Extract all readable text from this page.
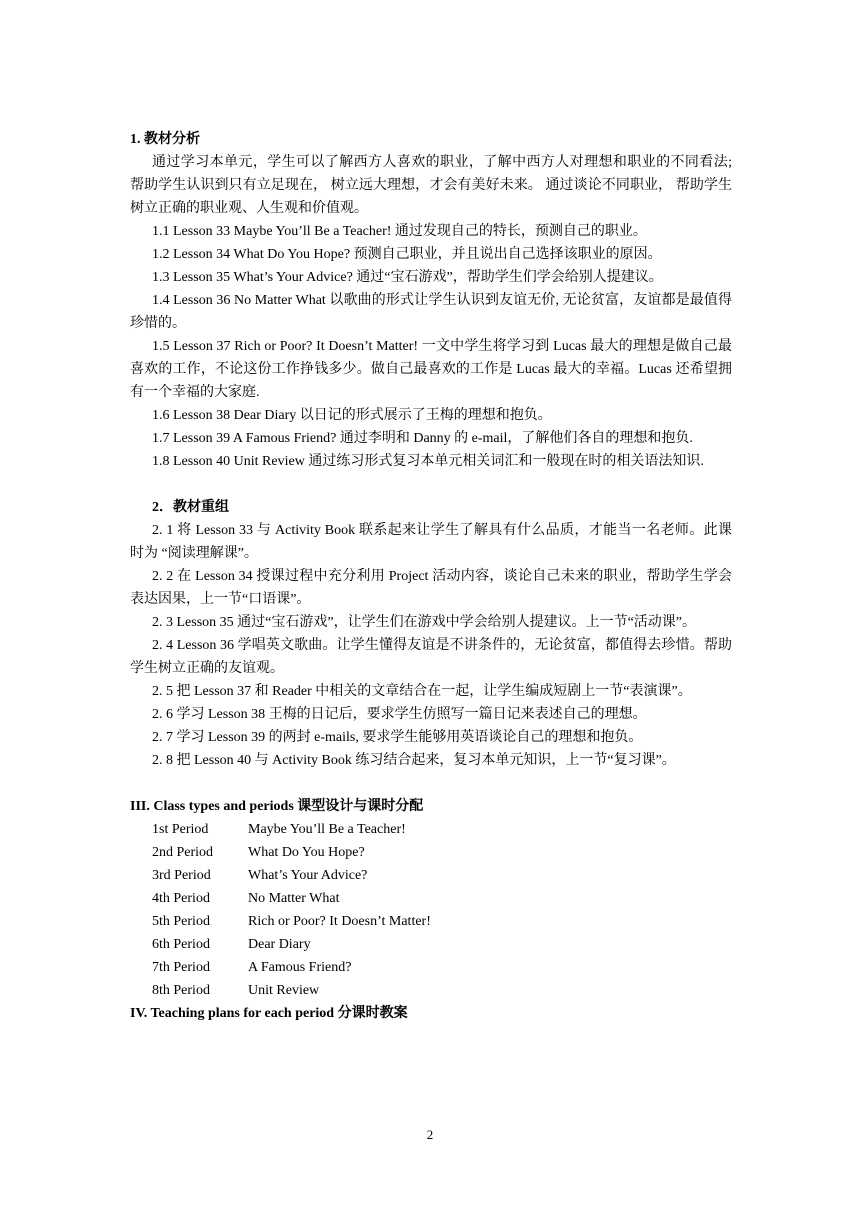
1. 教材分析

通过学习本单元，学生可以了解西方人喜欢的职业，了解中西方人对理想和职业的不同看法; 帮助学生认识到只有立足现在， 树立远大理想，才会有美好未来。 通过谈论不同职业， 帮助学生树立正确的职业观、人生观和价值观。

1.1 Lesson 33 Maybe You’ll Be a Teacher! 通过发现自己的特长，预测自己的职业。

1.2 Lesson 34 What Do You Hope? 预测自己职业，并且说出自己选择该职业的原因。

1.3 Lesson 35 What’s Your Advice? 通过“宝石游戏”，帮助学生们学会给别人提建议。

1.4 Lesson 36 No Matter What 以歌曲的形式让学生认识到友谊无价, 无论贫富，友谊都是最值得珍惜的。

1.5 Lesson 37 Rich or Poor? It Doesn’t Matter! 一文中学生将学习到 Lucas 最大的理想是做自己最喜欢的工作，不论这份工作挣钱多少。做自己最喜欢的工作是 Lucas 最大的幸福。Lucas 还希望拥有一个幸福的大家庭.

1.6 Lesson 38 Dear Diary 以日记的形式展示了王梅的理想和抱负。

1.7 Lesson 39 A Famous Friend? 通过李明和 Danny 的 e-mail，了解他们各自的理想和抱负.

1.8 Lesson 40 Unit Review 通过练习形式复习本单元相关词汇和一般现在时的相关语法知识.

2．教材重组

2. 1 将 Lesson 33 与 Activity Book 联系起来让学生了解具有什么品质，才能当一名老师。此课时为 “阅读理解课”。

2. 2 在 Lesson 34 授课过程中充分利用 Project 活动内容，谈论自己未来的职业，帮助学生学会表达因果，上一节“口语课”。

2. 3 Lesson 35 通过“宝石游戏”，让学生们在游戏中学会给别人提建议。上一节“活动课”。

2. 4 Lesson 36 学唱英文歌曲。让学生懂得友谊是不讲条件的，无论贫富，都值得去珍惜。帮助学生树立正确的友谊观。

2. 5 把 Lesson 37 和 Reader 中相关的文章结合在一起，让学生编成短剧上一节“表演课”。

2. 6 学习 Lesson 38 王梅的日记后，要求学生仿照写一篇日记来表述自己的理想。

2. 7 学习 Lesson 39 的两封 e-mails, 要求学生能够用英语谈论自己的理想和抱负。

2. 8 把 Lesson 40 与 Activity Book 练习结合起来，复习本单元知识，上一节“复习课”。

III. Class types and periods 课型设计与课时分配

1st Period	Maybe You’ll Be a Teacher!

2nd Period What Do You Hope?

3rd Period	What’s Your Advice?

4th Period	No Matter What

5th Period	Rich or Poor? It Doesn’t Matter!

6th Period	Dear Diary

7th Period	A Famous Friend?

8th Period	Unit Review

IV. Teaching plans for each period 分课时教案

2
